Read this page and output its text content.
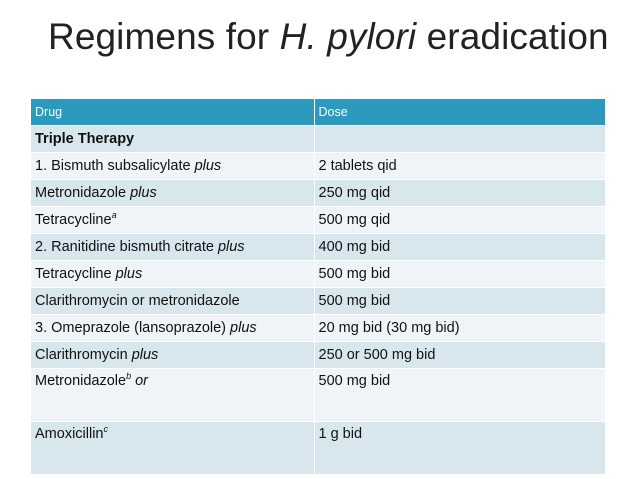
Regimens for H. pylori eradication
Drug	Dose
Triple Therapy	
1. Bismuth subsalicylate plus	2 tablets qid
Metronidazole plus	250 mg qid
Tetracycline$^a$	500 mg qid
2. Ranitidine bismuth citrate plus	400 mg bid
Tetracycline plus	500 mg bid
Clarithromycin or metronidazole	500 mg bid
3. Omeprazole (lansoprazole) plus	20 mg bid (30 mg bid)
Clarithromycin plus	250 or 500 mg bid
Metronidazole$^b$ or	500 mg bid
Amoxicillin$^c$	1 g bid
